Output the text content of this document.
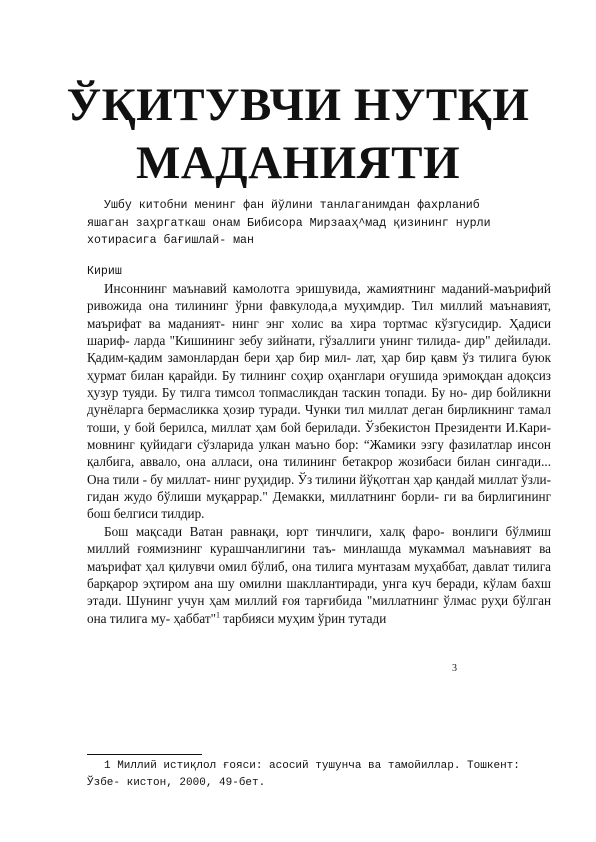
ЎҚИТУВЧИ НУТҚИ
МАДАНИЯТИ

Ушбу китобни менинг фан йўлини танлаганимдан фахрланиб яшаган заҳргаткаш онам Бибисора Мирзааҳ^мад қизининг нурли хотирасига бағишлай- ман

Кириш

Инсоннинг маънавий камолотга эришувида, жамиятнинг маданий-маърифий ривожида она тилининг ўрни фавкулода,а муҳимдир. Тил миллий маънавият, маърифат ва маданият- нинг энг холис ва хира тортмас кўзгусидир. Ҳадиси шариф- ларда "Кишининг зебу зийнати, гўзаллиги унинг тилида- дир" дейилади. Қадим-қадим замонлардан бери ҳар бир мил- лат, ҳар бир қавм ўз тилига буюк ҳурмат билан қарайди. Бу тилнинг соҳир оҳанглари оғушида эримоқдан адоқсиз ҳузур туяди. Бу тилга тимсол топмасликдан таскин топади. Бу но- дир бойликни дунёларга бермасликка ҳозир туради. Чунки тил миллат деган бирликнинг тамал тоши, у бой берилса, миллат ҳам бой берилади. Ўзбекистон Президенти И.Кари- мовнинг қуйидаги сўзларида улкан маъно бор: “Жамики эзгу фазилатлар инсон қалбига, аввало, она алласи, она тилининг бетакрор жозибаси билан сингади... Она тили - бу миллат- нинг руҳидир. Ўз тилини йўқотган ҳар қандай миллат ўзли- гидан жудо бўлиши муқаррар." Демакки, миллатнинг борли- ги ва бирлигининг бош белгиси тилдир.

Бош мақсади Ватан равнақи, юрт тинчлиги, халқ фаро- вонлиги бўлмиш миллий ғоямизнинг курашчанлигини таъ- минлашда мукаммал маънавият ва маърифат ҳал қилувчи омил бўлиб, она тилига мунтазам муҳаббат, давлат тилига барқарор эҳтиром ана шу омилни шакллантиради, унга куч беради, кўлам бахш этади. Шунинг учун ҳам миллий ғоя тарғибида "миллатнинг ўлмас руҳи бўлган она тилига му- ҳаббат"$^1$ тарбияси муҳим ўрин тутади

3

1 Миллий истиқлол ғояси: асосий тушунча ва тамойиллар. Тошкент: Ўзбе- кистон, 2000, 49-бет.
